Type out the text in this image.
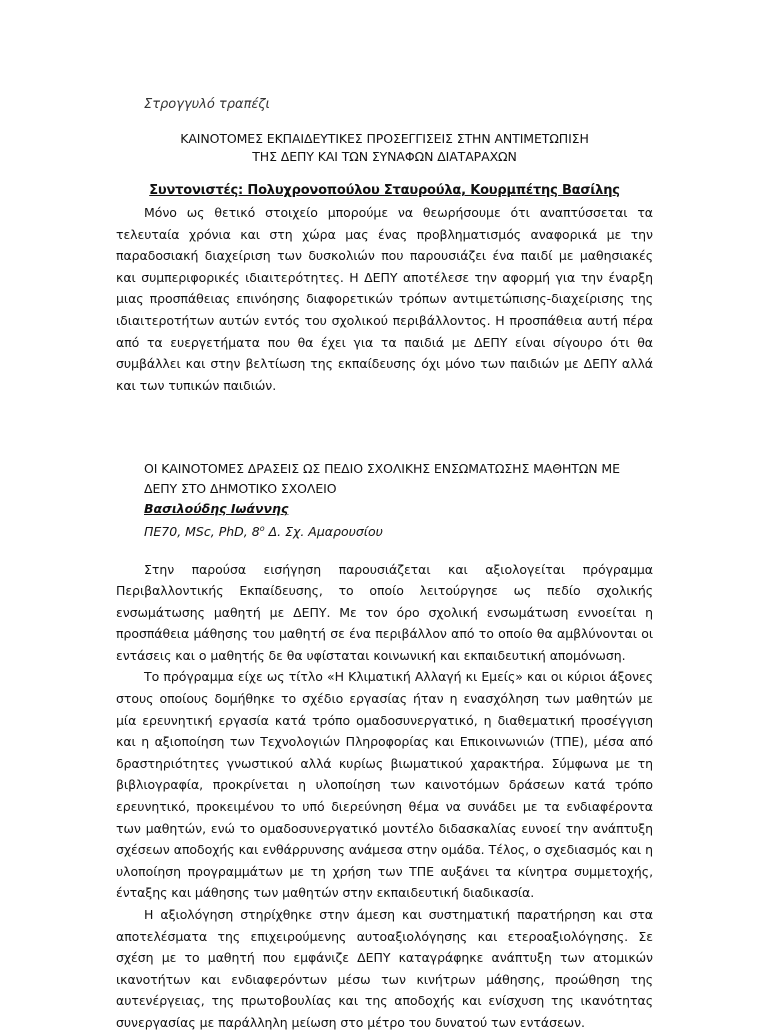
Στρογγυλό τραπέζι
ΚΑΙΝΟΤΟΜΕΣ ΕΚΠΑΙΔΕΥΤΙΚΕΣ ΠΡΟΣΕΓΓΙΣΕΙΣ ΣΤΗΝ ΑΝΤΙΜΕΤΩΠΙΣΗ
ΤΗΣ ΔΕΠΥ ΚΑΙ ΤΩΝ ΣΥΝΑΦΩΝ ΔΙΑΤΑΡΑΧΩΝ
Συντονιστές: Πολυχρονοπούλου Σταυρούλα, Κουρμπέτης Βασίλης

Μόνο ως θετικό στοιχείο μπορούμε να θεωρήσουμε ότι αναπτύσσεται τα τελευταία χρόνια και στη χώρα μας ένας προβληματισμός αναφορικά με την παραδοσιακή διαχείριση των δυσκολιών που παρουσιάζει ένα παιδί με μαθησιακές και συμπεριφορικές ιδιαιτερότητες. Η ΔΕΠΥ αποτέλεσε την αφορμή για την έναρξη μιας προσπάθειας επινόησης διαφορετικών τρόπων αντιμετώπισης-διαχείρισης της ιδιαιτεροτήτων αυτών εντός του σχολικού περιβάλλοντος. Η προσπάθεια αυτή πέρα από τα ευεργετήματα που θα έχει για τα παιδιά με ΔΕΠΥ είναι σίγουρο ότι θα συμβάλλει και στην βελτίωση της εκπαίδευσης όχι μόνο των παιδιών με ΔΕΠΥ αλλά και των τυπικών παιδιών.

ΟΙ ΚΑΙΝΟΤΟΜΕΣ ΔΡΑΣΕΙΣ ΩΣ ΠΕΔΙΟ ΣΧΟΛΙΚΗΣ ΕΝΣΩΜΑΤΩΣΗΣ ΜΑΘΗΤΩΝ ΜΕ
ΔΕΠΥ ΣΤΟ ΔΗΜΟΤΙΚΟ ΣΧΟΛΕΙΟ
Βασιλούδης Ιωάννης
ΠΕ70, MSc, PhD, $8^o$ Δ. Σχ. Αμαρουσίου

Στην παρούσα εισήγηση παρουσιάζεται και αξιολογείται πρόγραμμα Περιβαλλοντικής Εκπαίδευσης, το οποίο λειτούργησε ως πεδίο σχολικής ενσωμάτωσης μαθητή με ΔΕΠΥ. Με τον όρο σχολική ενσωμάτωση εννοείται η προσπάθεια μάθησης του μαθητή σε ένα περιβάλλον από το οποίο θα αμβλύνονται οι εντάσεις και ο μαθητής δε θα υφίσταται κοινωνική και εκπαιδευτική απομόνωση.

Το πρόγραμμα είχε ως τίτλο «Η Κλιματική Αλλαγή κι Εμείς» και οι κύριοι άξονες στους οποίους δομήθηκε το σχέδιο εργασίας ήταν η ενασχόληση των μαθητών με μία ερευνητική εργασία κατά τρόπο ομαδοσυνεργατικό, η διαθεματική προσέγγιση και η αξιοποίηση των Τεχνολογιών Πληροφορίας και Επικοινωνιών (ΤΠΕ), μέσα από δραστηριότητες γνωστικού αλλά κυρίως βιωματικού χαρακτήρα. Σύμφωνα με τη βιβλιογραφία, προκρίνεται η υλοποίηση των καινοτόμων δράσεων κατά τρόπο ερευνητικό, προκειμένου το υπό διερεύνηση θέμα να συνάδει με τα ενδιαφέροντα των μαθητών, ενώ το ομαδοσυνεργατικό μοντέλο διδασκαλίας ευνοεί την ανάπτυξη σχέσεων αποδοχής και ενθάρρυνσης ανάμεσα στην ομάδα. Τέλος, ο σχεδιασμός και η υλοποίηση προγραμμάτων με τη χρήση των ΤΠΕ αυξάνει τα κίνητρα συμμετοχής, ένταξης και μάθησης των μαθητών στην εκπαιδευτική διαδικασία.

Η αξιολόγηση στηρίχθηκε στην άμεση και συστηματική παρατήρηση και στα αποτελέσματα της επιχειρούμενης αυτοαξιολόγησης και ετεροαξιολόγησης. Σε σχέση με το μαθητή που εμφάνιζε ΔΕΠΥ καταγράφηκε ανάπτυξη των ατομικών ικανοτήτων και ενδιαφερόντων μέσω των κινήτρων μάθησης, προώθηση της αυτενέργειας, της πρωτοβουλίας και της αποδοχής και ενίσχυση της ικανότητας συνεργασίας με παράλληλη μείωση στο μέτρο του δυνατού των εντάσεων.
